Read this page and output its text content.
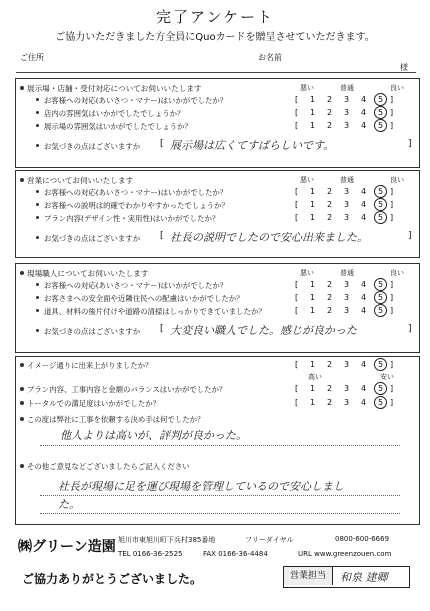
完了アンケート
ご協力いただきました方全員にQuoカードを贈呈させていただきます。
ご住所	お名前
様
展示場・店舗・受付対応についてお伺いいたします	悪い	普通	良い
お客様への対応(あいさつ・マナー)はいかがでしたか？	[	1	2	3	4	5 ]
店内の雰囲気はいかがでしたでしょうか？	[	1	2	3	4	5 ]
展示場の雰囲気はいかがでしたでしょうか？	[	1	2	3	4	5 ]
お気づきの点はございますか [ 展示場は広くてすばらしいです。	]
営業についてお伺いいたします	悪い	普通	良い
お客様への対応(あいさつ・マナー)はいかがでしたか？	[	1	2	3	4	5 ]
お客様への説明は的確でわかりやすかったでしょうか？	[	1	2	3	4	5 ]
プラン内容(デザイン性・実用性)はいかがでしたか？	[	1	2	3	4	5 ]
お気づきの点はございますか [ 社長の説明でしたので安心出来ました。	]
現場職人についてお伺いいたします	悪い	普通	良い
お客様への対応(あいさつ・マナー)はいかがでしたか？	[	1	2	3	4	5 ]
お客さまへの安全面や近隣住民への配慮はいかがでしたか？	[	1	2	3	4	5 ]
道具、材料の後片付けや道路の清掃はしっかりできていましたか？	[	1	2	3	4	5 ]
お気づきの点はございますか [ 大変良い職人でした。感じが良かった	]
イメージ通りに出来上がりましたか？	[	1	2	3	4	5 ]
プラン内容、工事内容と金額のバランスはいかがでしたか？	[	1	2	3	4	5 ]
高い	安い
トータルでの満足度はいかがでしたか？	[	1	2	3	4	5 ]
この度は弊社に工事を依頼する決め手は何でしたか？
他人よりは高いが、評判が良かった。
その他ご意見などございましたらご記入ください
社長が現場に足を運び現場を管理しているので安心しました。
㈱グリーン造園 旭川市東旭川町下兵村385番地	フリーダイヤル	0800-600-6669
TEL 0166-36-2525	FAX 0166-36-4484	URL www.greenzouen.com
ご協力ありがとうございました。	営業担当	和泉 建卿
